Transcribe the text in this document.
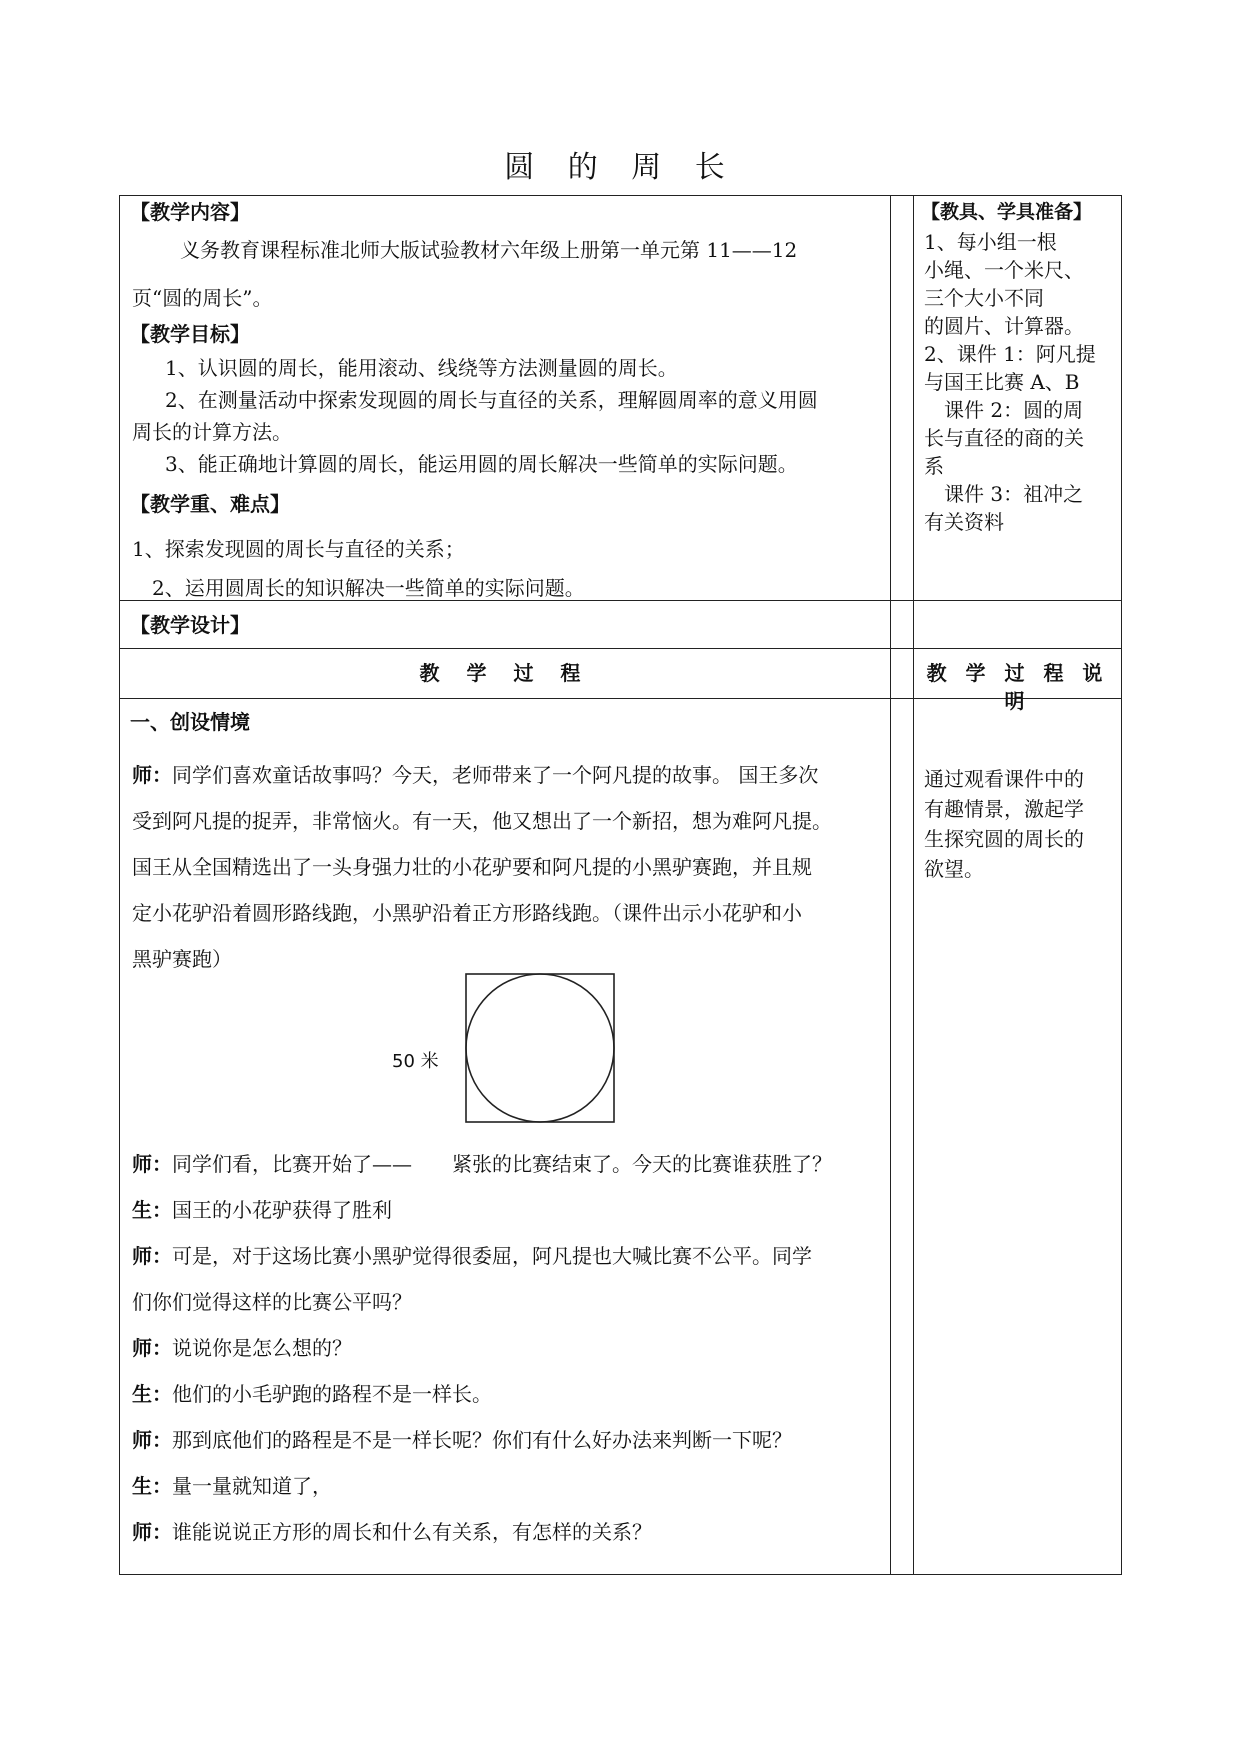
圆 的 周 长
【教学内容】
义务教育课程标准北师大版试验教材六年级上册第一单元第 11——12
页“圆的周长”。
【教学目标】
1、认识圆的周长，能用滚动、线绕等方法测量圆的周长。
2、在测量活动中探索发现圆的周长与直径的关系，理解圆周率的意义用圆
周长的计算方法。
3、能正确地计算圆的周长，能运用圆的周长解决一些简单的实际问题。
【教学重、难点】
1、探索发现圆的周长与直径的关系；
2、运用圆周长的知识解决一些简单的实际问题。
【教具、学具准备】
1、每小组一根
小绳、一个米尺、
三个大小不同
的圆片、计算器。
2、课件 1：阿凡提
与国王比赛 A、B
　课件 2：圆的周
长与直径的商的关
系
　课件 3：祖冲之
有关资料
【教学设计】
教 学 过 程	教 学 过 程 说 明
一、创设情境
师：同学们喜欢童话故事吗？今天，老师带来了一个阿凡提的故事。 国王多次
受到阿凡提的捉弄，非常恼火。有一天，他又想出了一个新招，想为难阿凡提。
国王从全国精选出了一头身强力壮的小花驴要和阿凡提的小黑驴赛跑，并且规
定小花驴沿着圆形路线跑，小黑驴沿着正方形路线跑。（课件出示小花驴和小
黑驴赛跑）
50 米
师：同学们看，比赛开始了——　　紧张的比赛结束了。今天的比赛谁获胜了？
生：国王的小花驴获得了胜利
师：可是，对于这场比赛小黑驴觉得很委屈，阿凡提也大喊比赛不公平。同学
们你们觉得这样的比赛公平吗？
师：说说你是怎么想的？
生：他们的小毛驴跑的路程不是一样长。
师：那到底他们的路程是不是一样长呢？你们有什么好办法来判断一下呢？
生：量一量就知道了，
师：谁能说说正方形的周长和什么有关系，有怎样的关系？
通过观看课件中的
有趣情景，激起学
生探究圆的周长的
欲望。
